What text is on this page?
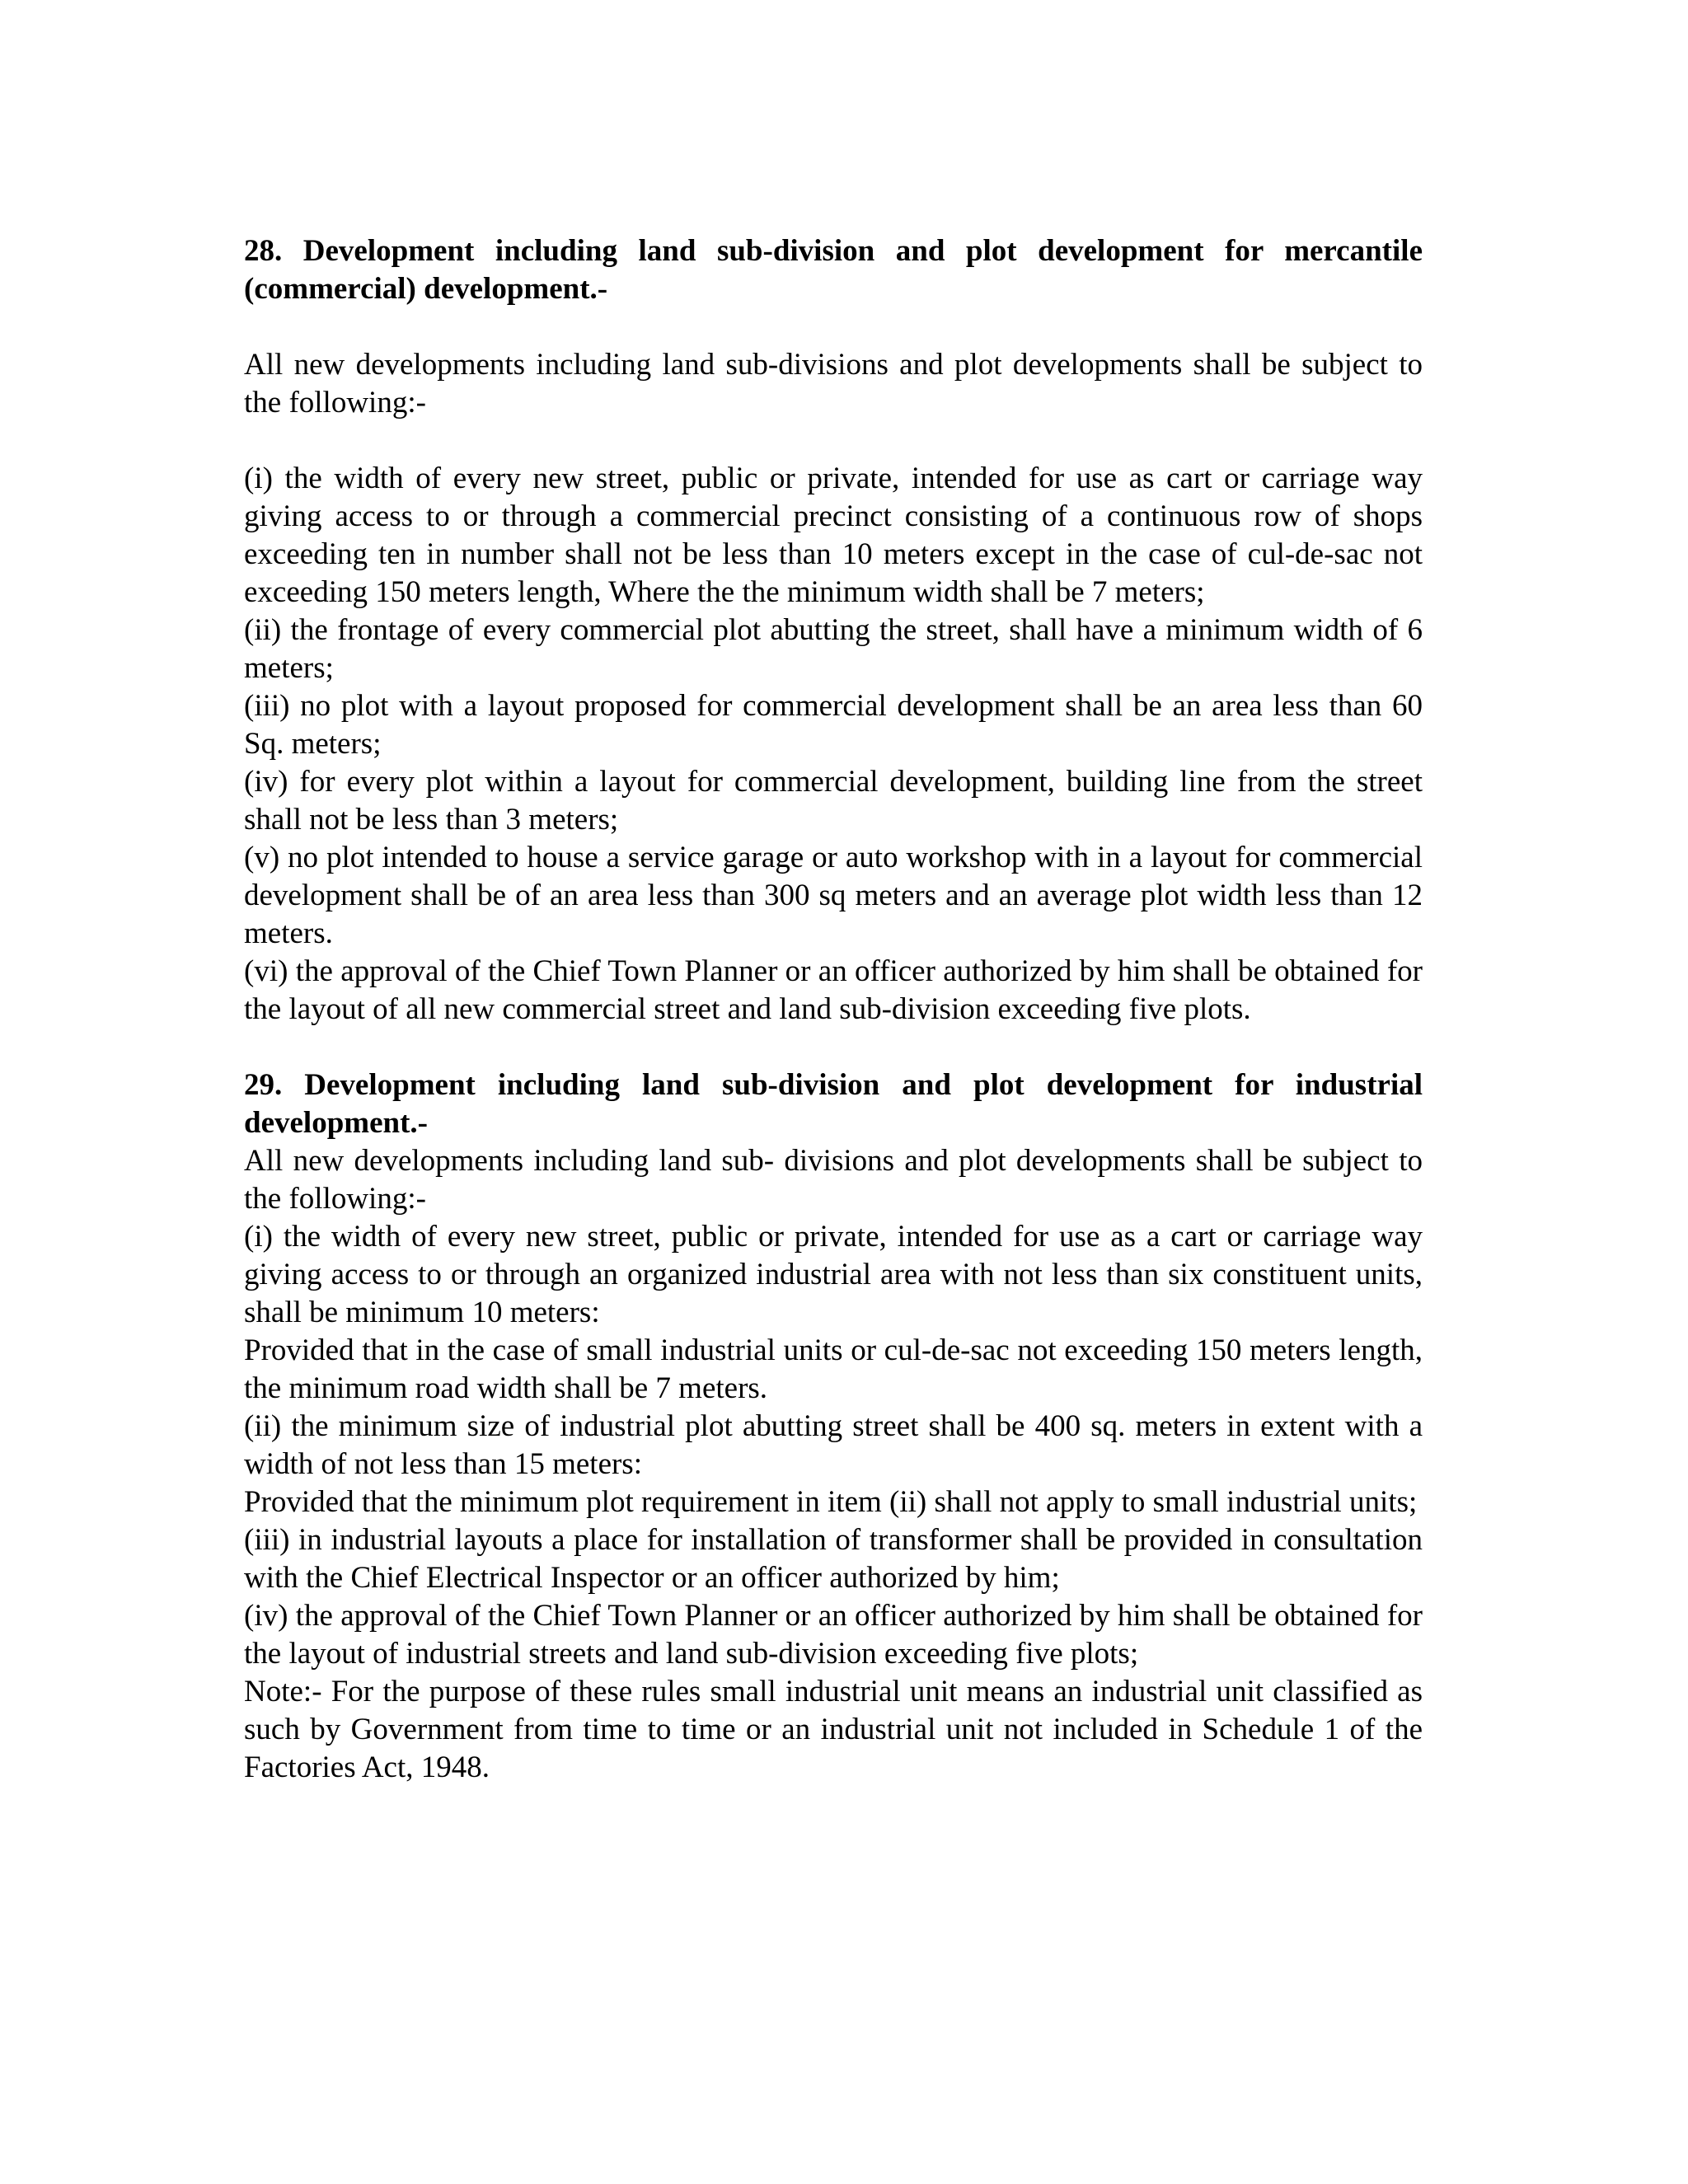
28. Development including land sub-division and plot development for mercantile (commercial) development.-

All new developments including land sub-divisions and plot developments shall be subject to the following:-

(i) the width of every new street, public or private, intended for use as cart or carriage way giving access to or through a commercial precinct consisting of a continuous row of shops exceeding ten in number shall not be less than 10 meters except in the case of cul-de-sac not exceeding 150 meters length, Where the the minimum width shall be 7 meters;

(ii) the frontage of every commercial plot abutting the street, shall have a minimum width of 6 meters;

(iii) no plot with a layout proposed for commercial development shall be an area less than 60 Sq. meters;

(iv) for every plot within a layout for commercial development, building line from the street shall not be less than 3 meters;

(v) no plot intended to house a service garage or auto workshop with in a layout for commercial development shall be of an area less than 300 sq meters and an average plot width less than 12 meters.

(vi) the approval of the Chief Town Planner or an officer authorized by him shall be obtained for the layout of all new commercial street and land sub-division exceeding five plots.

29. Development including land sub-division and plot development for industrial development.-

All new developments including land sub- divisions and plot developments shall be subject to the following:-

(i) the width of every new street, public or private, intended for use as a cart or carriage way giving access to or through an organized industrial area with not less than six constituent units, shall be minimum 10 meters:

Provided that in the case of small industrial units or cul-de-sac not exceeding 150 meters length, the minimum road width shall be 7 meters.

(ii) the minimum size of industrial plot abutting street shall be 400 sq. meters in extent with a width of not less than 15 meters:

Provided that the minimum plot requirement in item (ii) shall not apply to small industrial units;

(iii) in industrial layouts a place for installation of transformer shall be provided in consultation with the Chief Electrical Inspector or an officer authorized by him;

(iv) the approval of the Chief Town Planner or an officer authorized by him shall be obtained for the layout of industrial streets and land sub-division exceeding five plots;

Note:- For the purpose of these rules small industrial unit means an industrial unit classified as such by Government from time to time or an industrial unit not included in Schedule 1 of the Factories Act, 1948.
